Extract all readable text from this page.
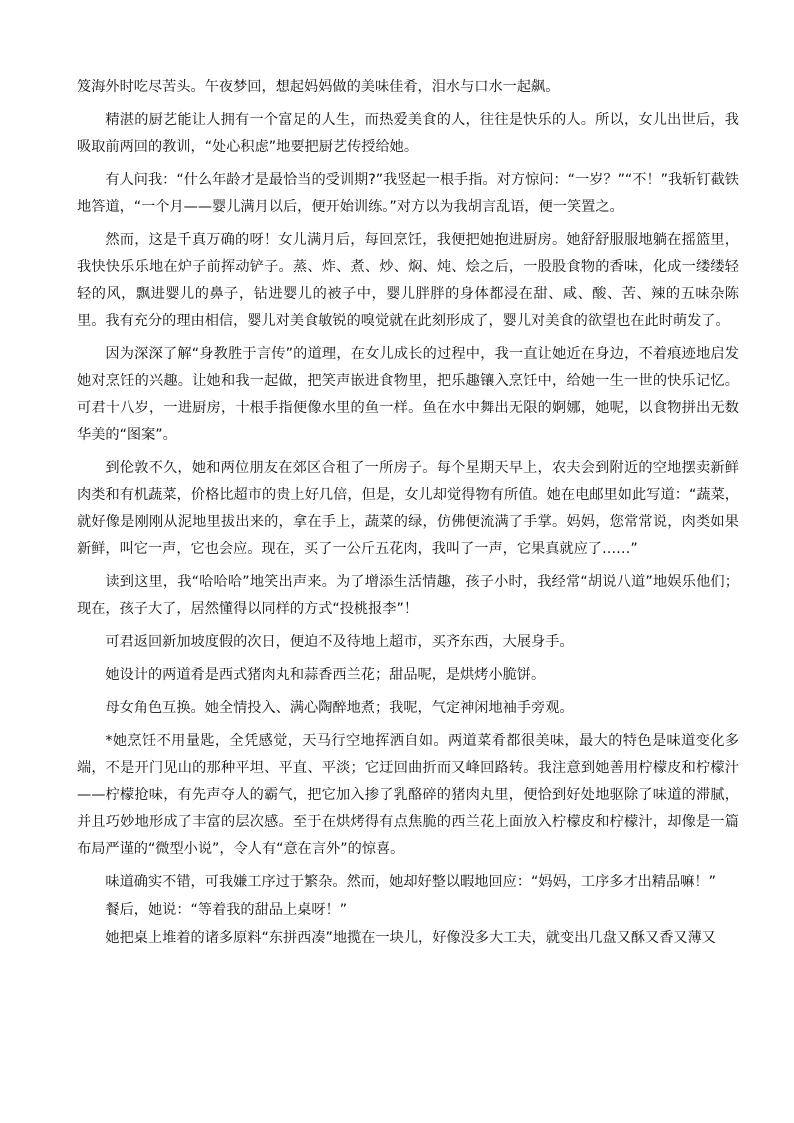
笈海外时吃尽苦头。午夜梦回，想起妈妈做的美味佳肴，泪水与口水一起飙。

精湛的厨艺能让人拥有一个富足的人生，而热爱美食的人，往往是快乐的人。所以，女儿出世后，我吸取前两回的教训，“处心积虑”地要把厨艺传授给她。

有人问我：“什么年龄才是最恰当的受训期?”我竖起一根手指。对方惊问：“一岁？”“不！”我斩钉截铁地答道，“一个月——婴儿满月以后，便开始训练。”对方以为我胡言乱语，便一笑置之。

然而，这是千真万确的呀！女儿满月后，每回烹饪，我便把她抱进厨房。她舒舒服服地躺在摇篮里，我快快乐乐地在炉子前挥动铲子。蒸、炸、煮、炒、焖、炖、烩之后，一股股食物的香味，化成一缕缕轻轻的风，飘进婴儿的鼻子，钻进婴儿的被子中，婴儿胖胖的身体都浸在甜、咸、酸、苦、辣的五味杂陈里。我有充分的理由相信，婴儿对美食敏锐的嗅觉就在此刻形成了，婴儿对美食的欲望也在此时萌发了。

因为深深了解“身教胜于言传”的道理，在女儿成长的过程中，我一直让她近在身边，不着痕迹地启发她对烹饪的兴趣。让她和我一起做，把笑声嵌进食物里，把乐趣镶入烹饪中，给她一生一世的快乐记忆。可君十八岁，一进厨房，十根手指便像水里的鱼一样。鱼在水中舞出无限的婀娜，她呢，以食物拼出无数华美的“图案”。

到伦敦不久，她和两位朋友在郊区合租了一所房子。每个星期天早上，农夫会到附近的空地摆卖新鲜肉类和有机蔬菜，价格比超市的贵上好几倍，但是，女儿却觉得物有所值。她在电邮里如此写道：“蔬菜，就好像是刚刚从泥地里拔出来的，拿在手上，蔬菜的绿，仿佛便流满了手掌。妈妈，您常常说，肉类如果新鲜，叫它一声，它也会应。现在，买了一公斤五花肉，我叫了一声，它果真就应了……”

读到这里，我“哈哈哈”地笑出声来。为了增添生活情趣，孩子小时，我经常“胡说八道”地娱乐他们；现在，孩子大了，居然懂得以同样的方式“投桃报李”！

可君返回新加坡度假的次日，便迫不及待地上超市，买齐东西，大展身手。

她设计的两道肴是西式猪肉丸和蒜香西兰花；甜品呢，是烘烤小脆饼。

母女角色互换。她全情投入、满心陶醉地煮；我呢，气定神闲地袖手旁观。

*她烹饪不用量匙，全凭感觉，天马行空地挥洒自如。两道菜肴都很美味，最大的特色是味道变化多端，不是开门见山的那种平坦、平直、平淡；它迂回曲折而又峰回路转。我注意到她善用柠檬皮和柠檬汁——柠檬抢味，有先声夺人的霸气，把它加入掺了乳酪碎的猪肉丸里，便恰到好处地驱除了味道的滞腻，并且巧妙地形成了丰富的层次感。至于在烘烤得有点焦脆的西兰花上面放入柠檬皮和柠檬汁，却像是一篇布局严谨的“微型小说”，令人有“意在言外”的惊喜。

味道确实不错，可我嫌工序过于繁杂。然而，她却好整以暇地回应：“妈妈，工序多才出精品嘛！”

餐后，她说：“等着我的甜品上桌呀！”

她把桌上堆着的诸多原料“东拼西凑”地揽在一块儿，好像没多大工夫，就变出几盘又酥又香又薄又
